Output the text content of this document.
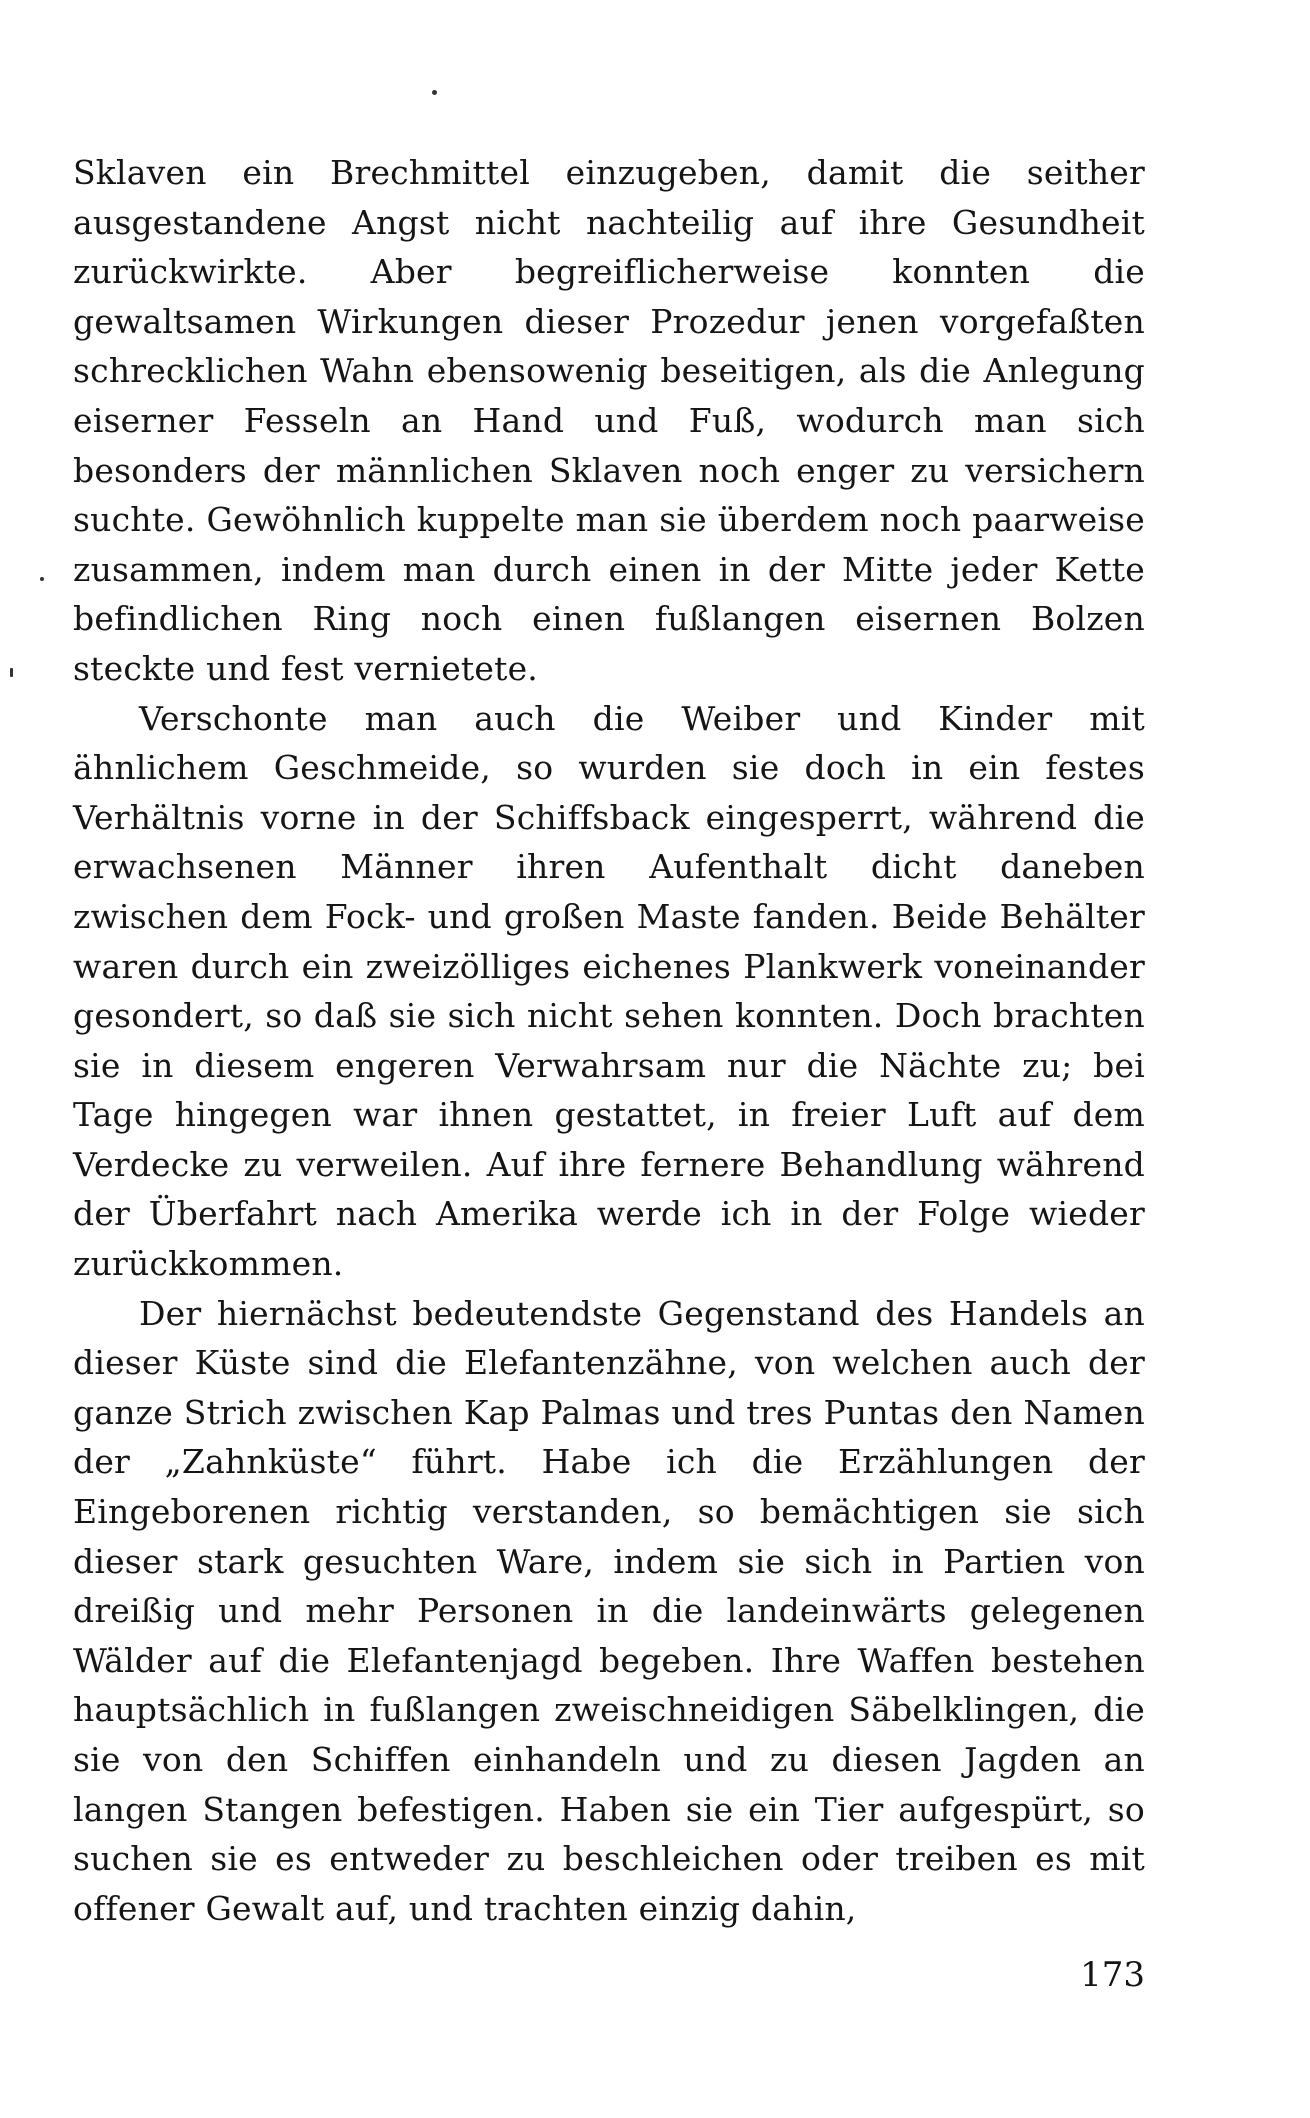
Sklaven ein Brechmittel einzugeben, damit die seither ausgestandene Angst nicht nachteilig auf ihre Gesundheit zurückwirkte. Aber begreiflicherweise konnten die gewaltsamen Wirkungen dieser Prozedur jenen vorgefaßten schrecklichen Wahn ebensowenig beseitigen, als die Anlegung eiserner Fesseln an Hand und Fuß, wodurch man sich besonders der männlichen Sklaven noch enger zu versichern suchte. Gewöhnlich kuppelte man sie überdem noch paarweise zusammen, indem man durch einen in der Mitte jeder Kette befindlichen Ring noch einen fußlangen eisernen Bolzen steckte und fest vernietete.

Verschonte man auch die Weiber und Kinder mit ähnlichem Geschmeide, so wurden sie doch in ein festes Verhältnis vorne in der Schiffsback eingesperrt, während die erwachsenen Männer ihren Aufenthalt dicht daneben zwischen dem Fock- und großen Maste fanden. Beide Behälter waren durch ein zweizölliges eichenes Plankwerk voneinander gesondert, so daß sie sich nicht sehen konnten. Doch brachten sie in diesem engeren Verwahrsam nur die Nächte zu; bei Tage hingegen war ihnen gestattet, in freier Luft auf dem Verdecke zu verweilen. Auf ihre fernere Behandlung während der Überfahrt nach Amerika werde ich in der Folge wieder zurückkommen.

Der hiernächst bedeutendste Gegenstand des Handels an dieser Küste sind die Elefantenzähne, von welchen auch der ganze Strich zwischen Kap Palmas und tres Puntas den Namen der „Zahnküste“ führt. Habe ich die Erzählungen der Eingeborenen richtig verstanden, so bemächtigen sie sich dieser stark gesuchten Ware, indem sie sich in Partien von dreißig und mehr Personen in die landeinwärts gelegenen Wälder auf die Elefantenjagd begeben. Ihre Waffen bestehen hauptsächlich in fußlangen zweischneidigen Säbelklingen, die sie von den Schiffen einhandeln und zu diesen Jagden an langen Stangen befestigen. Haben sie ein Tier aufgespürt, so suchen sie es entweder zu beschleichen oder treiben es mit offener Gewalt auf, und trachten einzig dahin,

173
